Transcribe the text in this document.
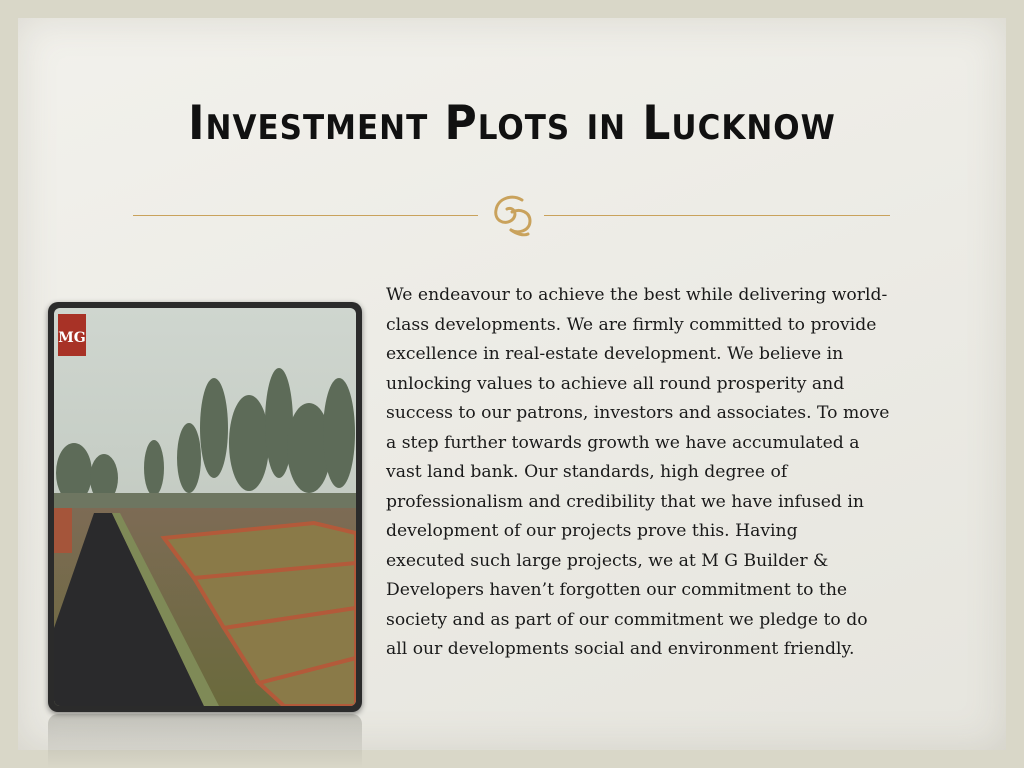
Investment Plots in Lucknow
MG
We endeavour to achieve the best while delivering world-
class developments. We are firmly committed to provide
excellence in real-estate development. We believe in
unlocking values to achieve all round prosperity and
success to our patrons, investors and associates. To move
a step further towards growth we have accumulated a
vast land bank. Our standards, high degree of
professionalism and credibility that we have infused in
development of our projects prove this. Having
executed such large projects, we at M G Builder &
Developers haven’t forgotten our commitment to the
society and as part of our commitment we pledge to do
all our developments social and environment friendly.
